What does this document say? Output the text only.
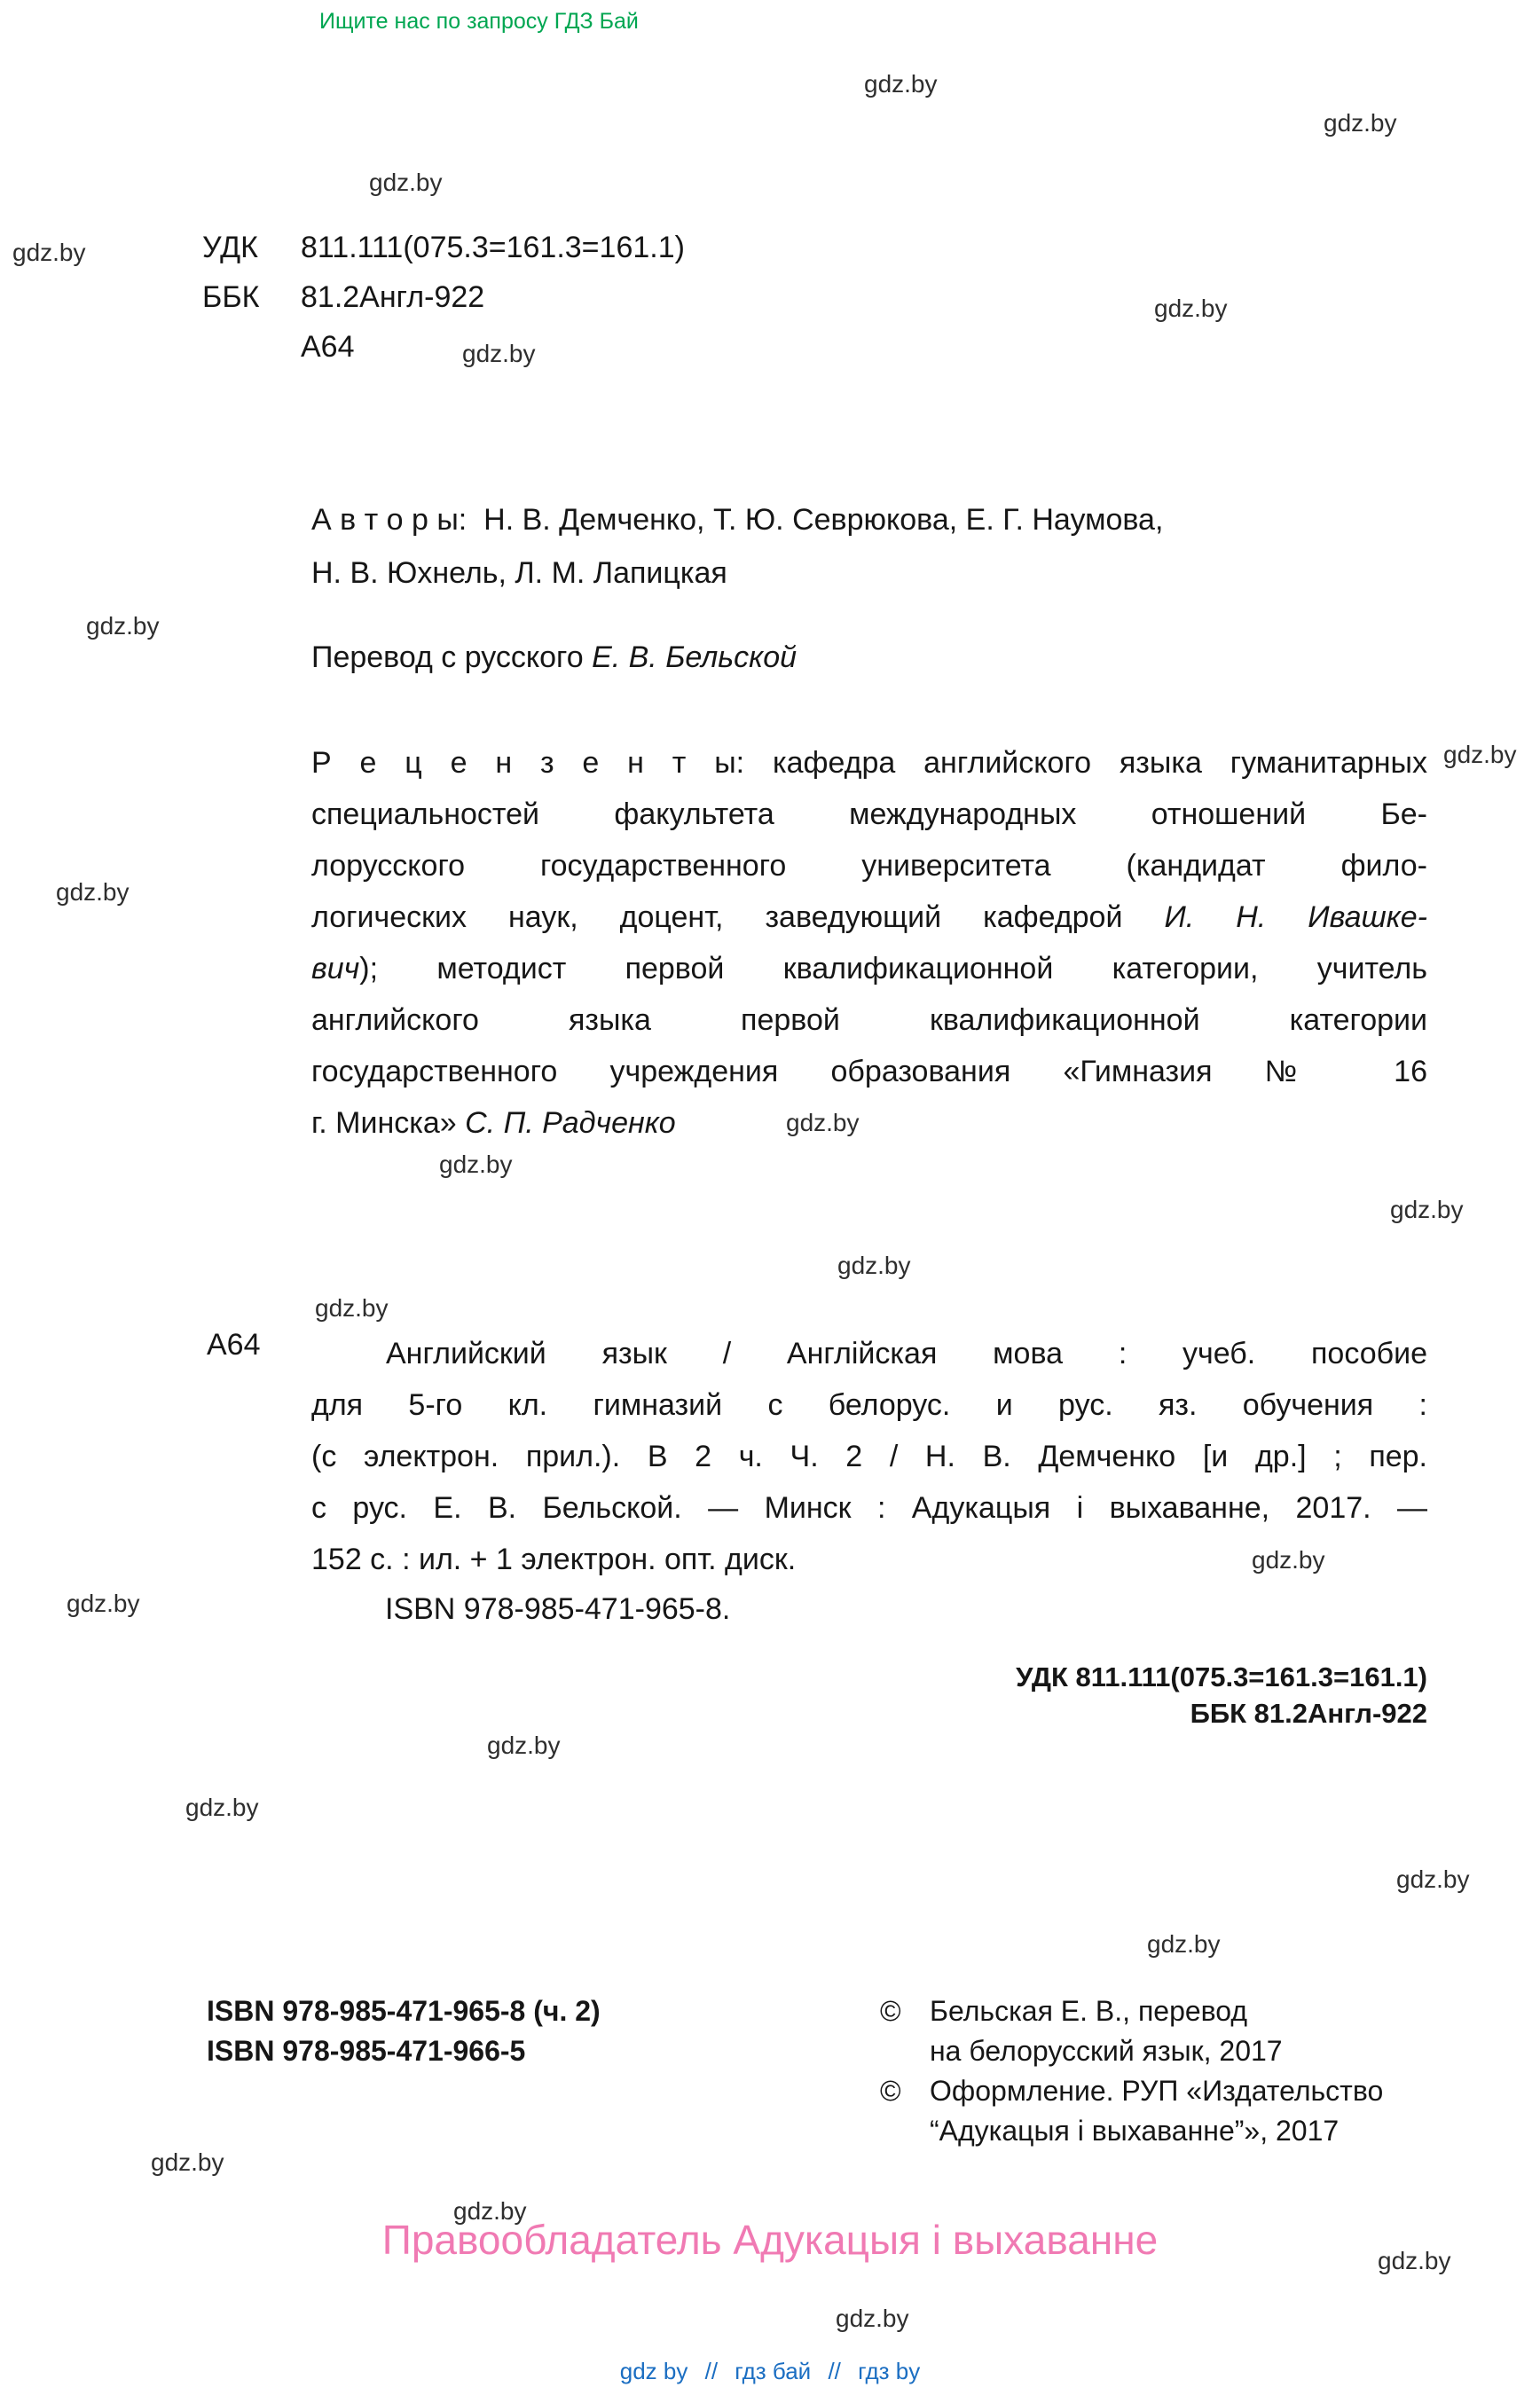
Ищите нас по запросу ГДЗ Бай
gdz.by
gdz.by
gdz.by
gdz.by
gdz.by
gdz.by
gdz.by
gdz.by
gdz.by
gdz.by
gdz.by
gdz.by
gdz.by
gdz.by
gdz.by
gdz.by
gdz.by
gdz.by
gdz.by
gdz.by
gdz.by
gdz.by
gdz.by
gdz.by
УДК	811.111(075.3=161.3=161.1)
ББК	81.2Англ-922
А64
А в т о р ы: Н. В. Демченко, Т. Ю. Севрюкова, Е. Г. Наумова,
Н. В. Юхнель, Л. М. Лапицкая
Перевод с русского Е. В. Бельской
Р е ц е н з е н т ы: кафедра английского языка гуманитарных
специальностей факультета международных отношений Бе-
лорусского государственного университета (кандидат фило-
логических наук, доцент, заведующий кафедрой И. Н. Ивашке-
вич); методист первой квалификационной категории, учитель
английского языка первой квалификационной категории
государственного учреждения образования «Гимназия № 16
г. Минска» С. П. Радченко
А64	Английский язык / Англійская мова : учеб. пособие
для 5-го кл. гимназий с белорус. и рус. яз. обучения :
(с электрон. прил.). В 2 ч. Ч. 2 / Н. В. Демченко [и др.] ; пер.
с рус. Е. В. Бельской. — Минск : Адукацыя і выхаванне, 2017. —
152 с. : ил. + 1 электрон. опт. диск.
ISBN 978-985-471-965-8.
УДК 811.111(075.3=161.3=161.1)
ББК 81.2Англ-922
ISBN 978-985-471-965-8 (ч. 2)
ISBN 978-985-471-966-5
©	Бельская Е. В., перевод
на белорусский язык, 2017
©	Оформление. РУП «Издательство
“Адукацыя і выхаванне”», 2017
Правообладатель Адукацыя і выхаванне
gdz by // гдз бай // гдз by
